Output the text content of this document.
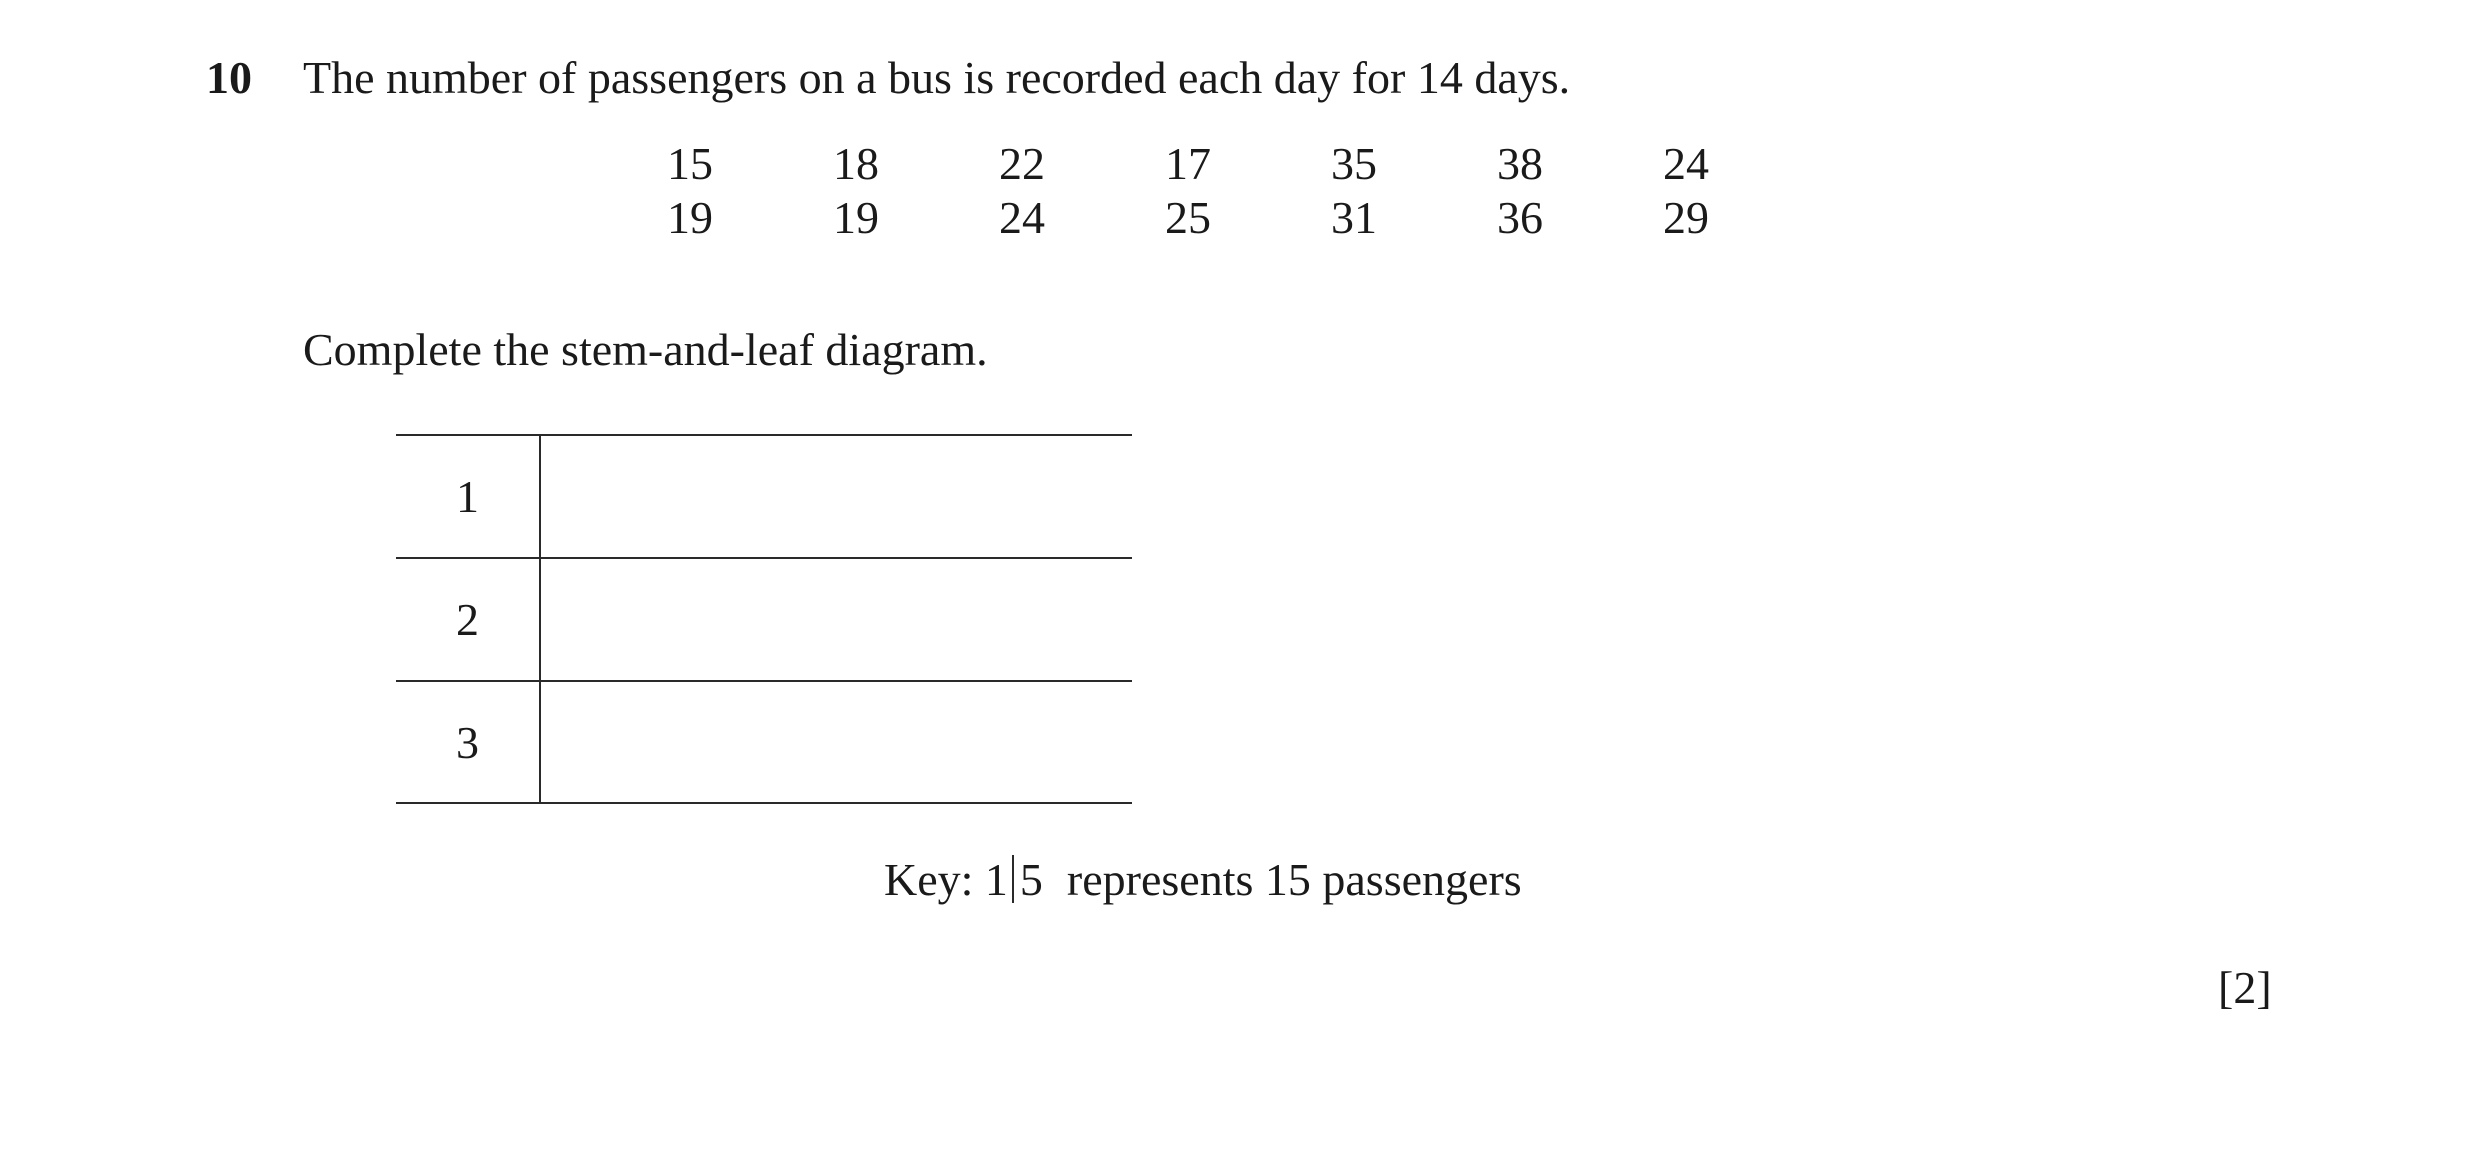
10 The number of passengers on a bus is recorded each day for 14 days.
15	18	22	17	35	38	24
19	19	24	25	31	36	29
Complete the stem-and-leaf diagram.
1
2
3
Key: 1 5 represents 15 passengers
[2]
